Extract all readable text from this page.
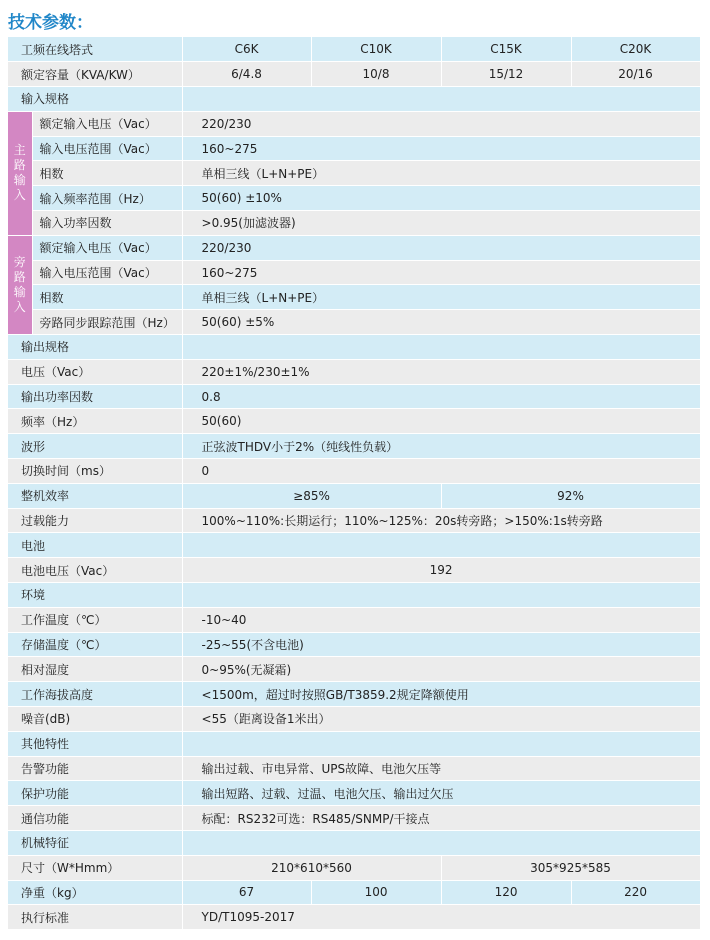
技术参数：
工频在线塔式		C6K	C10K	C15K	C20K
额定容量（KVA/KW）		6/4.8	10/8	15/12	20/16
输入规格					
主路输入	额定输入电压（Vac）	220/230			
	输入电压范围（Vac）	160~275			
	相数	单相三线（L+N+PE）			
	输入频率范围（Hz）	50(60) ±10%			
	输入功率因数	>0.95(加滤波器)			
旁路输入	额定输入电压（Vac）	220/230			
	输入电压范围（Vac）	160~275			
	相数	单相三线（L+N+PE）			
	旁路同步跟踪范围（Hz）	50(60) ±5%			
输出规格					
电压（Vac）		220±1%/230±1%			
输出功率因数		0.8			
频率（Hz）		50(60)			
波形		正弦波THDV小于2%（纯线性负载）			
切换时间（ms）		0			
整机效率		≥85%		92%	
过载能力		100%~110%:长期运行；110%~125%：20s转旁路；>150%:1s转旁路			
电池					
电池电压（Vac）		192			
环境					
工作温度（℃）		-10~40			
存储温度（℃）		-25~55(不含电池)			
相对湿度		0~95%(无凝霜)			
工作海拔高度		<1500m，超过时按照GB/T3859.2规定降额使用			
噪音(dB)		<55（距离设备1米出）			
其他特性					
告警功能		输出过载、市电异常、UPS故障、电池欠压等			
保护功能		输出短路、过载、过温、电池欠压、输出过欠压			
通信功能		标配：RS232可选：RS485/SNMP/干接点			
机械特征					
尺寸（W*Hmm）		210*610*560		305*925*585	
净重（kg）		67	100	120	220
执行标准		YD/T1095-2017			
